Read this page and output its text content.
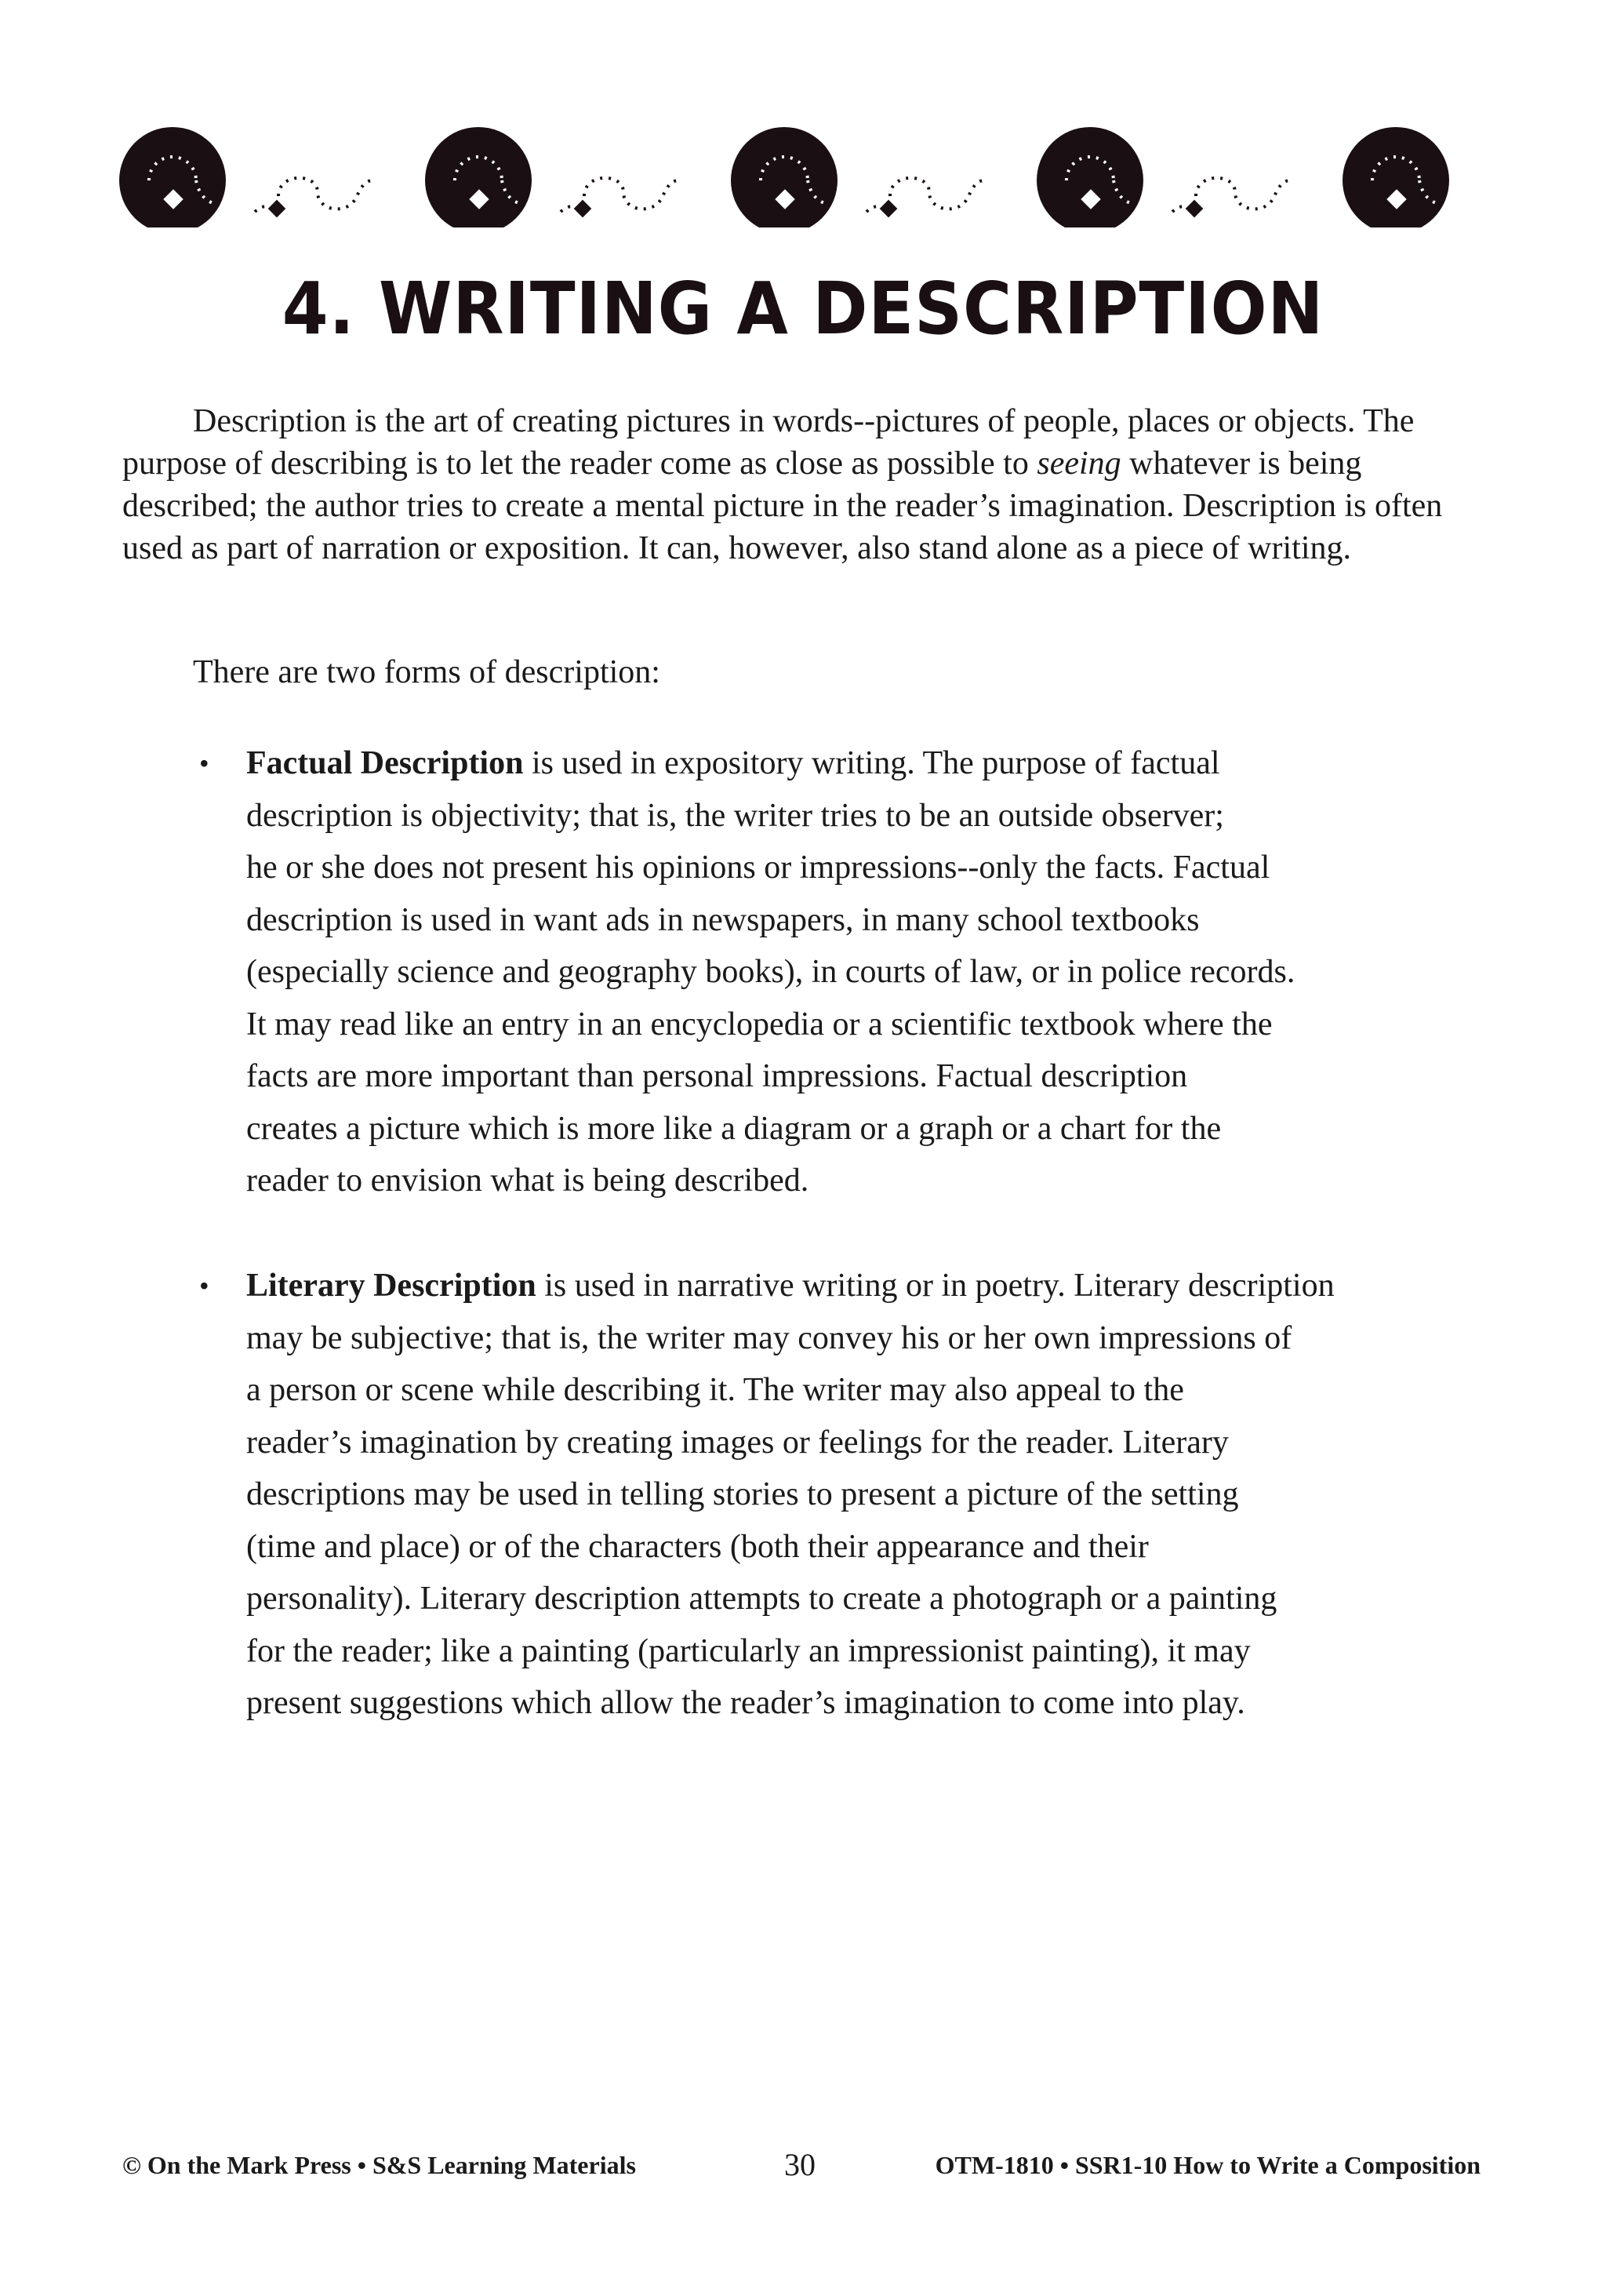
4. WRITING A DESCRIPTION

Description is the art of creating pictures in words--pictures of people, places or objects. The purpose of describing is to let the reader come as close as possible to seeing whatever is being described; the author tries to create a mental picture in the reader’s imagination. Description is often used as part of narration or exposition. It can, however, also stand alone as a piece of writing.

There are two forms of description:

• Factual Description is used in expository writing. The purpose of factual
description is objectivity; that is, the writer tries to be an outside observer;
he or she does not present his opinions or impressions--only the facts. Factual
description is used in want ads in newspapers, in many school textbooks
(especially science and geography books), in courts of law, or in police records.
It may read like an entry in an encyclopedia or a scientific textbook where the
facts are more important than personal impressions. Factual description
creates a picture which is more like a diagram or a graph or a chart for the
reader to envision what is being described.
• Literary Description is used in narrative writing or in poetry. Literary description
may be subjective; that is, the writer may convey his or her own impressions of
a person or scene while describing it. The writer may also appeal to the
reader’s imagination by creating images or feelings for the reader. Literary
descriptions may be used in telling stories to present a picture of the setting
(time and place) or of the characters (both their appearance and their
personality). Literary description attempts to create a photograph or a painting
for the reader; like a painting (particularly an impressionist painting), it may
present suggestions which allow the reader’s imagination to come into play.
© On the Mark Press • S&S Learning Materials	30	OTM-1810 • SSR1-10 How to Write a Composition
